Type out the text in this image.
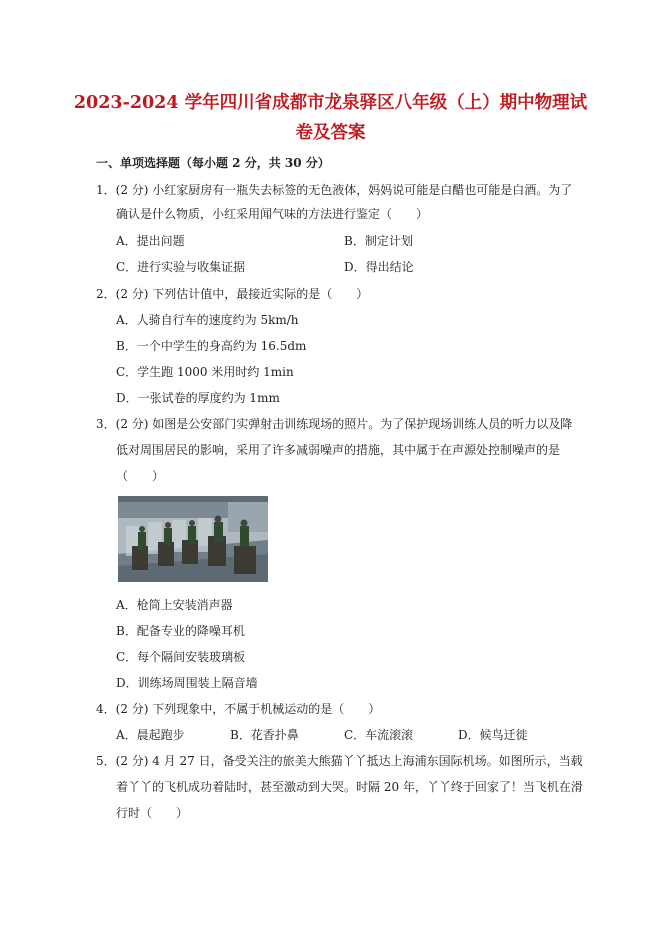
2023-2024 学年四川省成都市龙泉驿区八年级（上）期中物理试
卷及答案
一、单项选择题（每小题 2 分，共 30 分）
1．(2 分) 小红家厨房有一瓶失去标签的无色液体，妈妈说可能是白醋也可能是白酒。为了
确认是什么物质，小红采用闻气味的方法进行鉴定（　　）
A．提出问题	B．制定计划
C．进行实验与收集证据	D．得出结论
2．(2 分) 下列估计值中，最接近实际的是（　　）
A．人骑自行车的速度约为 5km/h
B．一个中学生的身高约为 16.5dm
C．学生跑 1000 米用时约 1min
D．一张试卷的厚度约为 1mm
3．(2 分) 如图是公安部门实弹射击训练现场的照片。为了保护现场训练人员的听力以及降
低对周围居民的影响，采用了许多减弱噪声的措施，其中属于在声源处控制噪声的是
（　　）
A．枪筒上安装消声器
B．配备专业的降噪耳机
C．每个隔间安装玻璃板
D．训练场周围装上隔音墙
4．(2 分) 下列现象中，不属于机械运动的是（　　）
A．晨起跑步	B．花香扑鼻	C．车流滚滚	D．候鸟迁徙
5．(2 分) 4 月 27 日，备受关注的旅美大熊猫丫丫抵达上海浦东国际机场。如图所示，当载
着丫丫的飞机成功着陆时，甚至激动到大哭。时隔 20 年，丫丫终于回家了！当飞机在滑
行时（　　）
